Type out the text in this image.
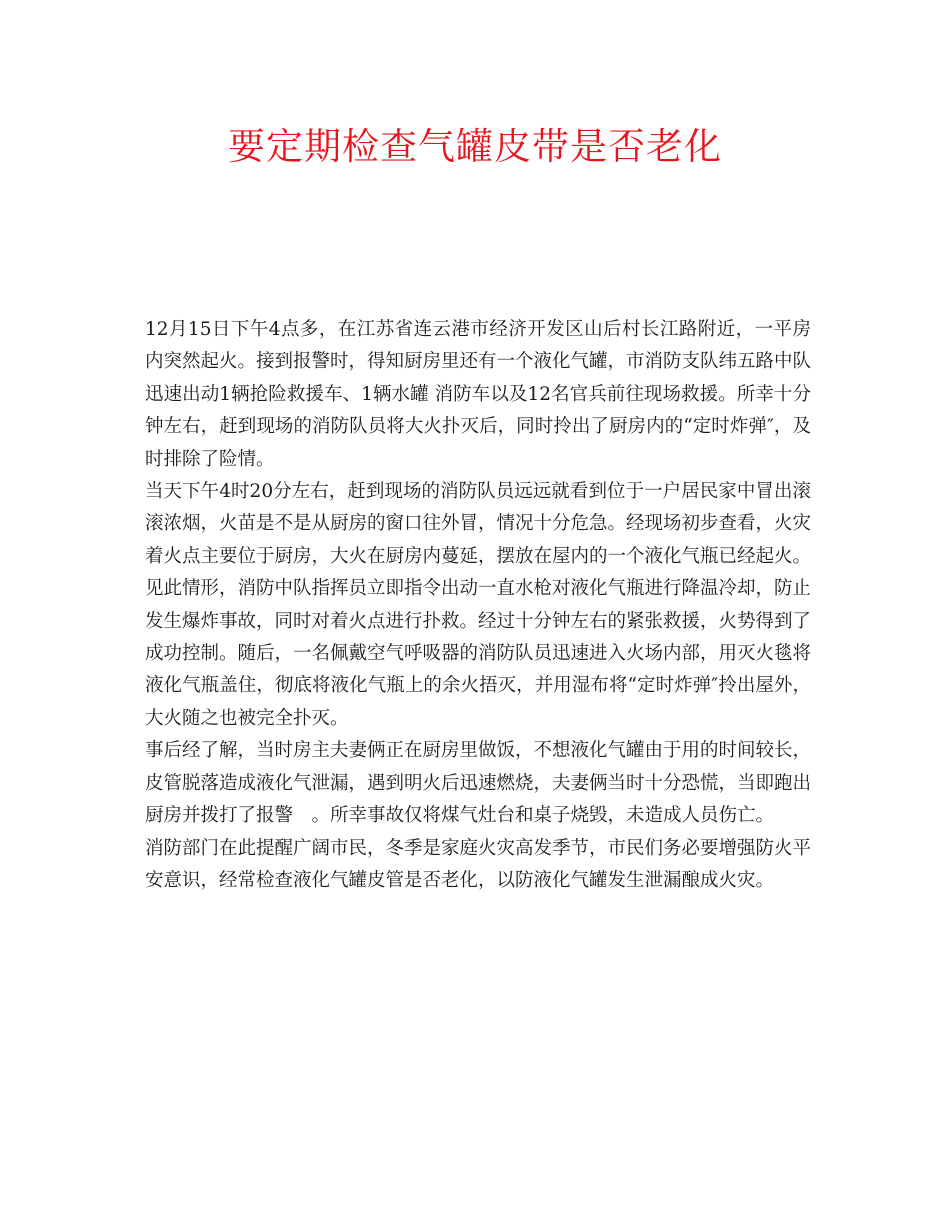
要定期检查气罐皮带是否老化

12月15日下午4点多，在江苏省连云港市经济开发区山后村长江路附近，一平房内突然起火。接到报警时，得知厨房里还有一个液化气罐，市消防支队纬五路中队迅速出动1辆抢险救援车、1辆水罐 消防车以及12名官兵前往现场救援。所幸十分钟左右，赶到现场的消防队员将大火扑灭后，同时拎出了厨房内的“定时炸弹″，及时排除了险情。

当天下午4时20分左右，赶到现场的消防队员远远就看到位于一户居民家中冒出滚滚浓烟，火苗是不是从厨房的窗口往外冒，情况十分危急。经现场初步查看，火灾着火点主要位于厨房，大火在厨房内蔓延，摆放在屋内的一个液化气瓶已经起火。

见此情形，消防中队指挥员立即指令出动一直水枪对液化气瓶进行降温冷却，防止发生爆炸事故，同时对着火点进行扑救。经过十分钟左右的紧张救援，火势得到了成功控制。随后，一名佩戴空气呼吸器的消防队员迅速进入火场内部，用灭火毯将液化气瓶盖住，彻底将液化气瓶上的余火捂灭，并用湿布将“定时炸弹″拎出屋外，大火随之也被完全扑灭。

事后经了解，当时房主夫妻俩正在厨房里做饭，不想液化气罐由于用的时间较长，皮管脱落造成液化气泄漏，遇到明火后迅速燃烧，夫妻俩当时十分恐慌，当即跑出厨房并拨打了报警　。所幸事故仅将煤气灶台和桌子烧毁，未造成人员伤亡。

消防部门在此提醒广阔市民，冬季是家庭火灾高发季节，市民们务必要增强防火平安意识，经常检查液化气罐皮管是否老化，以防液化气罐发生泄漏酿成火灾。
